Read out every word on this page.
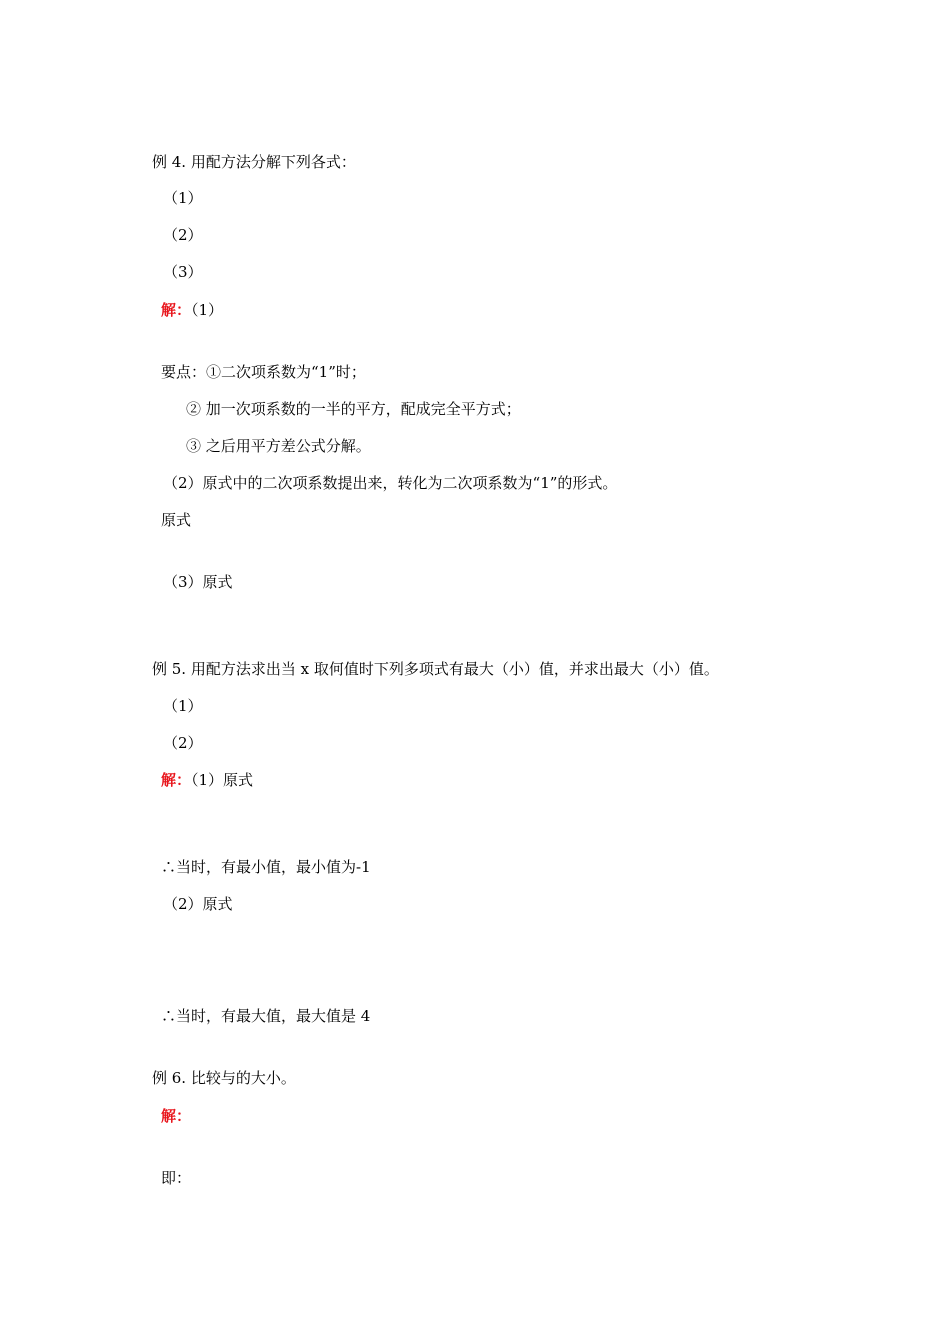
例 4. 用配方法分解下列各式：
（1）
（2）
（3）
解：（1）
要点：①二次项系数为“1”时；
② 加一次项系数的一半的平方，配成完全平方式；
③ 之后用平方差公式分解。
（2）原式中的二次项系数提出来，转化为二次项系数为“1”的形式。
原式
（3）原式
例 5. 用配方法求出当 x 取何值时下列多项式有最大（小）值，并求出最大（小）值。
（1）
（2）
解：（1）原式
∴当时，有最小值，最小值为-1
（2）原式
∴当时，有最大值，最大值是 4
例 6. 比较与的大小。
解：
即：
